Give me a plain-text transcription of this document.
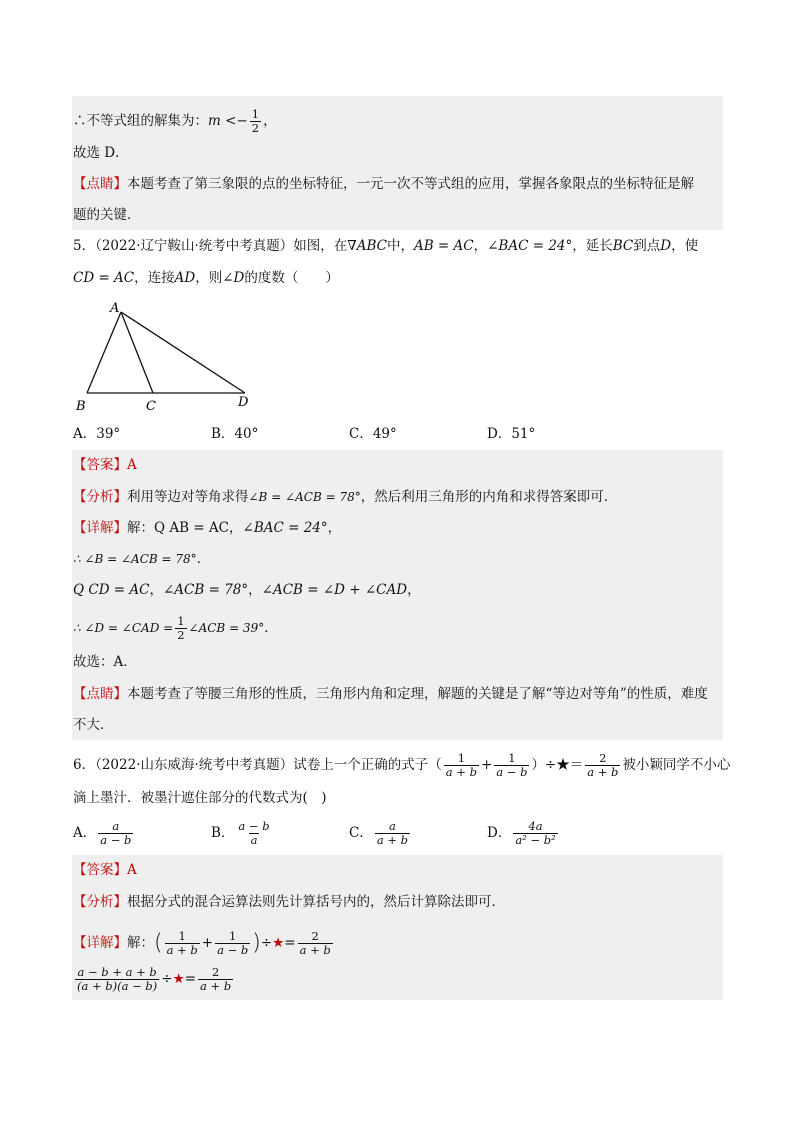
∴不等式组的解集为：$m <- \frac{1}{2}$ ，
故选 D．
【点睛】本题考查了第三象限的点的坐标特征，一元一次不等式组的应用，掌握各象限点的坐标特征是解
题的关键．
5．（2022·辽宁鞍山·统考中考真题）如图，在∇ABC中，AB = AC，∠BAC = 24°，延长BC到点D，使
CD = AC，连接AD，则∠D的度数（　　）
A
B	C	D
A．39°	B．40°	C．49°	D．51°
【答案】A
【分析】利用等边对等角求得∠B = ∠ACB = 78°，然后利用三角形的内角和求得答案即可．
【详解】解：Q AB = AC，∠BAC = 24°，
∴ ∠B = ∠ACB = 78°．
Q CD = AC，∠ACB = 78°，∠ACB = ∠D + ∠CAD，
∴ ∠D = ∠CAD = $\frac{1}{2}$ ∠ACB = 39°．
故选：A．
【点睛】本题考查了等腰三角形的性质，三角形内角和定理，解题的关键是了解“等边对等角”的性质，难度
不大．
6．（2022·山东威海·统考中考真题）试卷上一个正确的式子（ $\frac{1}{a + b} + \frac{1}{a - b}$ ）÷★＝ $\frac{2}{a + b}$ 被小颖同学不小心
滴上墨汁．被墨汁遮住部分的代数式为(　)
A． $\frac{a}{a - b}$	B． $\frac{a - b}{a}$	C． $\frac{a}{a + b}$	D． $\frac{4a}{\text{a² − b²}}$
【答案】A
【分析】根据分式的混合运算法则先计算括号内的，然后计算除法即可．
【详解】解：( $\frac{1}{a + b} + \frac{1}{a - b}$ )÷★= $\frac{2}{a + b}$
$\frac{a - b + a + b}{(a + b)(a - b)}$ ÷★= $\frac{2}{a + b}$
